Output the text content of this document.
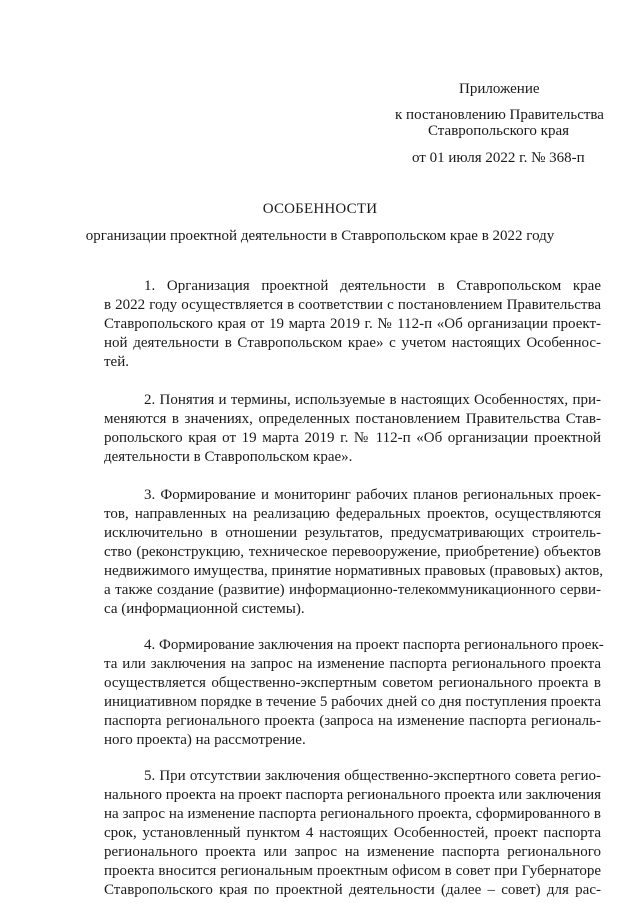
Приложение
к постановлению Правительства
Ставропольского края
от 01 июля 2022 г. № 368-п
ОСОБЕННОСТИ
организации проектной деятельности в Ставропольском крае в 2022 году
1. Организация проектной деятельности в Ставропольском крае
в 2022 году осуществляется в соответствии с постановлением Правительства
Ставропольского края от 19 марта 2019 г. № 112-п «Об организации проект-
ной деятельности в Ставропольском крае» с учетом настоящих Особеннос-
тей.
2. Понятия и термины, используемые в настоящих Особенностях, при-
меняются в значениях, определенных постановлением Правительства Став-
ропольского края от 19 марта 2019 г. № 112-п «Об организации проектной
деятельности в Ставропольском крае».
3. Формирование и мониторинг рабочих планов региональных проек-
тов, направленных на реализацию федеральных проектов, осуществляются
исключительно в отношении результатов, предусматривающих строитель-
ство (реконструкцию, техническое перевооружение, приобретение) объектов
недвижимого имущества, принятие нормативных правовых (правовых) актов,
а также создание (развитие) информационно-телекоммуникационного серви-
са (информационной системы).
4. Формирование заключения на проект паспорта регионального проек-
та или заключения на запрос на изменение паспорта регионального проекта
осуществляется общественно-экспертным советом регионального проекта в
инициативном порядке в течение 5 рабочих дней со дня поступления проекта
паспорта регионального проекта (запроса на изменение паспорта региональ-
ного проекта) на рассмотрение.
5. При отсутствии заключения общественно-экспертного совета регио-
нального проекта на проект паспорта регионального проекта или заключения
на запрос на изменение паспорта регионального проекта, сформированного в
срок, установленный пунктом 4 настоящих Особенностей, проект паспорта
регионального проекта или запрос на изменение паспорта регионального
проекта вносится региональным проектным офисом в совет при Губернаторе
Ставропольского края по проектной деятельности (далее – совет) для рас-
